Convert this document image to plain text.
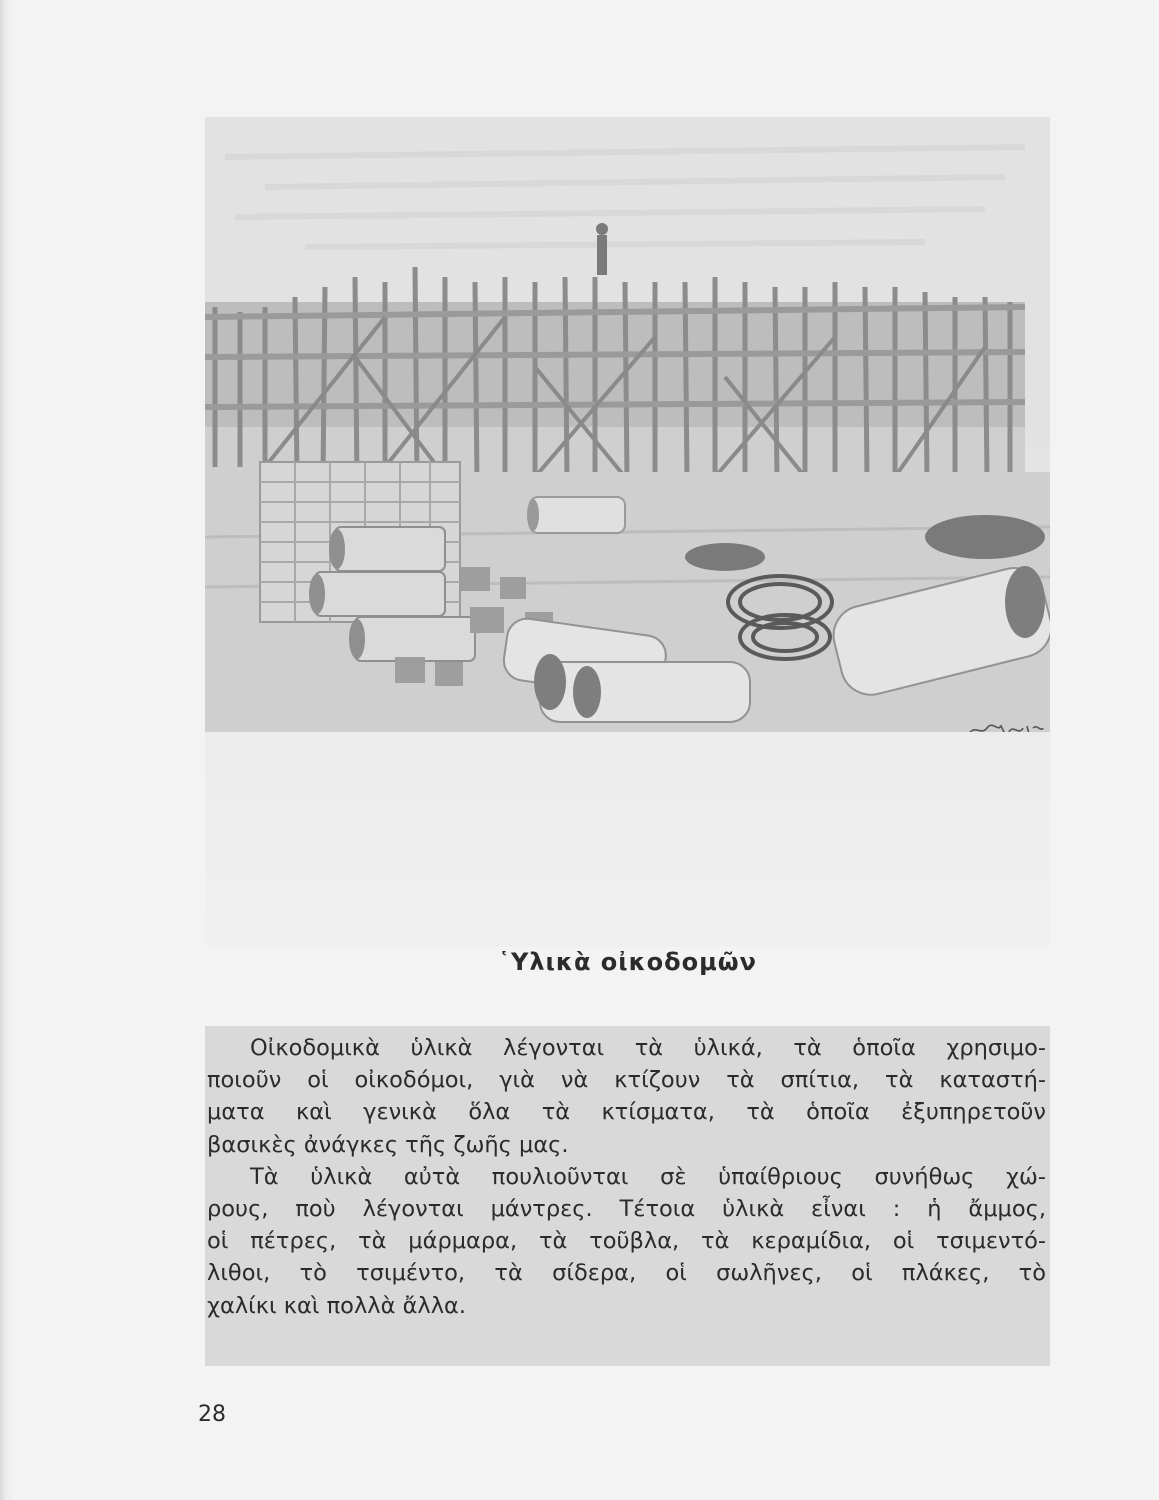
῾Υλικὰ οἰκοδομῶν

Οἰκοδομικὰ ὑλικὰ λέγονται τὰ ὑλικά, τὰ ὁποῖα χρησιμο-
ποιοῦν οἱ οἰκοδόμοι, γιὰ νὰ κτίζουν τὰ σπίτια, τὰ καταστή-
ματα καὶ γενικὰ ὅλα τὰ κτίσματα, τὰ ὁποῖα ἐξυπηρετοῦν
βασικὲς ἀνάγκες τῆς ζωῆς μας.

Τὰ ὑλικὰ αὐτὰ πουλιοῦνται σὲ ὑπαίθριους συνήθως χώ-
ρους, ποὺ λέγονται μάντρες. Τέτοια ὑλικὰ εἶναι : ἡ ἄμμος,
οἱ πέτρες, τὰ μάρμαρα, τὰ τοῦβλα, τὰ κεραμίδια, οἱ τσιμεντό-
λιθοι, τὸ τσιμέντο, τὰ σίδερα, οἱ σωλῆνες, οἱ πλάκες, τὸ
χαλίκι καὶ πολλὰ ἄλλα.

28
